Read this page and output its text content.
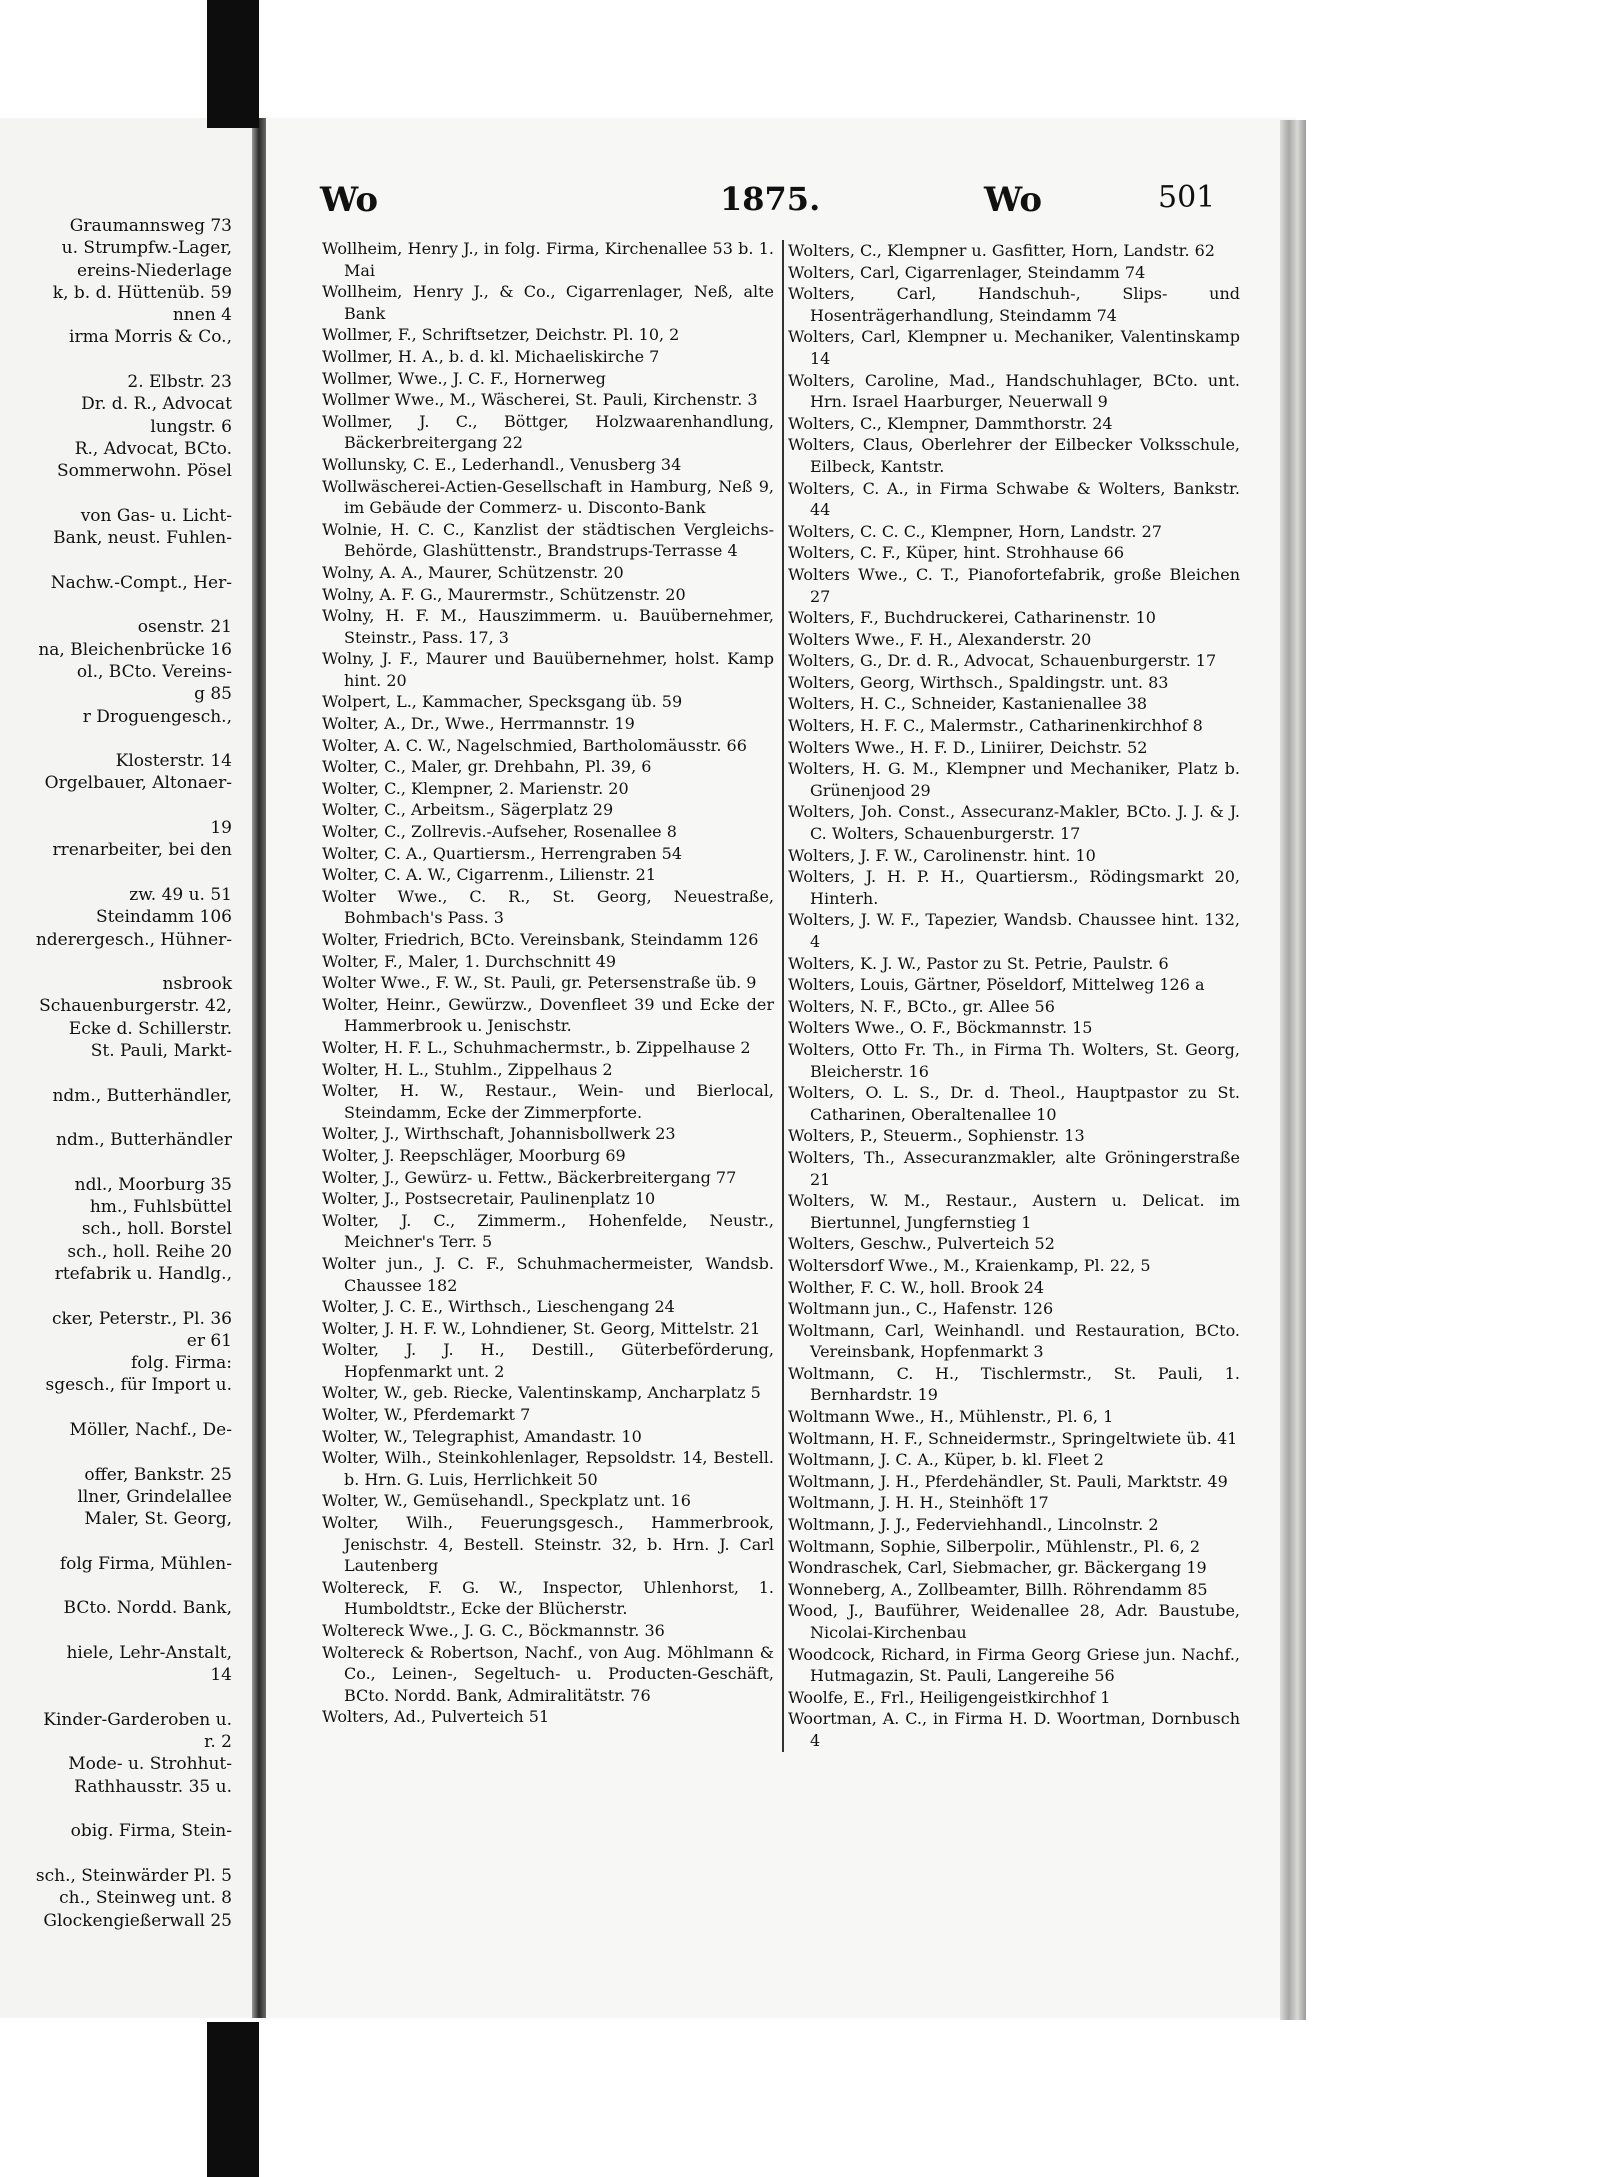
Graumannsweg 73
u. Strumpfw.-Lager,
ereins-Niederlage
k, b. d. Hüttenüb. 59
nnen 4
irma Morris & Co.,
2. Elbstr. 23
Dr. d. R., Advocat
lungstr. 6
R., Advocat, BCto.
Sommerwohn. Pösel
von Gas- u. Licht-
Bank, neust. Fuhlen-
Nachw.-Compt., Her-
osenstr. 21
na, Bleichenbrücke 16
ol., BCto. Vereins-
g 85
r Droguengesch.,
Klosterstr. 14
Orgelbauer, Altonaer-
19
rrenarbeiter, bei den
zw. 49 u. 51
Steindamm 106
nderergesch., Hühner-
nsbrook
Schauenburgerstr. 42,
Ecke d. Schillerstr.
St. Pauli, Markt-
ndm., Butterhändler,
ndm., Butterhändler
ndl., Moorburg 35
hm., Fuhlsbüttel
sch., holl. Borstel
sch., holl. Reihe 20
rtefabrik u. Handlg.,
cker, Peterstr., Pl. 36
er 61
folg. Firma:
sgesch., für Import u.
Möller, Nachf., De-
offer, Bankstr. 25
llner, Grindelallee
Maler, St. Georg,
folg Firma, Mühlen-
BCto. Nordd. Bank,
hiele, Lehr-Anstalt,
14
Kinder-Garderoben u.
r. 2
Mode- u. Strohhut-
Rathhausstr. 35 u.
obig. Firma, Stein-
sch., Steinwärder Pl. 5
ch., Steinweg unt. 8
Glockengießerwall 25
Wo	1875.	Wo	501
Wollheim, Henry J., in folg. Firma, Kirchenallee 53 b. 1. Mai
Wollheim, Henry J., & Co., Cigarrenlager, Neß, alte Bank
Wollmer, F., Schriftsetzer, Deichstr. Pl. 10, 2
Wollmer, H. A., b. d. kl. Michaeliskirche 7
Wollmer, Wwe., J. C. F., Hornerweg
Wollmer Wwe., M., Wäscherei, St. Pauli, Kirchenstr. 3
Wollmer, J. C., Böttger, Holzwaarenhandlung, Bäckerbreitergang 22
Wollunsky, C. E., Lederhandl., Venusberg 34
Wollwäscherei-Actien-Gesellschaft in Hamburg, Neß 9, im Gebäude der Commerz- u. Disconto-Bank
Wolnie, H. C. C., Kanzlist der städtischen Vergleichs-Behörde, Glashüttenstr., Brandstrups-Terrasse 4
Wolny, A. A., Maurer, Schützenstr. 20
Wolny, A. F. G., Maurermstr., Schützenstr. 20
Wolny, H. F. M., Hauszimmerm. u. Bauübernehmer, Steinstr., Pass. 17, 3
Wolny, J. F., Maurer und Bauübernehmer, holst. Kamp hint. 20
Wolpert, L., Kammacher, Specksgang üb. 59
Wolter, A., Dr., Wwe., Herrmannstr. 19
Wolter, A. C. W., Nagelschmied, Bartholomäusstr. 66
Wolter, C., Maler, gr. Drehbahn, Pl. 39, 6
Wolter, C., Klempner, 2. Marienstr. 20
Wolter, C., Arbeitsm., Sägerplatz 29
Wolter, C., Zollrevis.-Aufseher, Rosenallee 8
Wolter, C. A., Quartiersm., Herrengraben 54
Wolter, C. A. W., Cigarrenm., Lilienstr. 21
Wolter Wwe., C. R., St. Georg, Neuestraße, Bohmbach's Pass. 3
Wolter, Friedrich, BCto. Vereinsbank, Steindamm 126
Wolter, F., Maler, 1. Durchschnitt 49
Wolter Wwe., F. W., St. Pauli, gr. Petersenstraße üb. 9
Wolter, Heinr., Gewürzw., Dovenfleet 39 und Ecke der Hammerbrook u. Jenischstr.
Wolter, H. F. L., Schuhmachermstr., b. Zippelhause 2
Wolter, H. L., Stuhlm., Zippelhaus 2
Wolter, H. W., Restaur., Wein- und Bierlocal, Steindamm, Ecke der Zimmerpforte.
Wolter, J., Wirthschaft, Johannisbollwerk 23
Wolter, J. Reepschläger, Moorburg 69
Wolter, J., Gewürz- u. Fettw., Bäckerbreitergang 77
Wolter, J., Postsecretair, Paulinenplatz 10
Wolter, J. C., Zimmerm., Hohenfelde, Neustr., Meichner's Terr. 5
Wolter jun., J. C. F., Schuhmachermeister, Wandsb. Chaussee 182
Wolter, J. C. E., Wirthsch., Lieschengang 24
Wolter, J. H. F. W., Lohndiener, St. Georg, Mittelstr. 21
Wolter, J. J. H., Destill., Güterbeförderung, Hopfenmarkt unt. 2
Wolter, W., geb. Riecke, Valentinskamp, Ancharplatz 5
Wolter, W., Pferdemarkt 7
Wolter, W., Telegraphist, Amandastr. 10
Wolter, Wilh., Steinkohlenlager, Repsoldstr. 14, Bestell. b. Hrn. G. Luis, Herrlichkeit 50
Wolter, W., Gemüsehandl., Speckplatz unt. 16
Wolter, Wilh., Feuerungsgesch., Hammerbrook, Jenischstr. 4, Bestell. Steinstr. 32, b. Hrn. J. Carl Lautenberg
Woltereck, F. G. W., Inspector, Uhlenhorst, 1. Humboldtstr., Ecke der Blücherstr.
Woltereck Wwe., J. G. C., Böckmannstr. 36
Woltereck & Robertson, Nachf., von Aug. Möhlmann & Co., Leinen-, Segeltuch- u. Producten-Geschäft, BCto. Nordd. Bank, Admiralitätstr. 76
Wolters, Ad., Pulverteich 51
Wolters, C., Klempner u. Gasfitter, Horn, Landstr. 62
Wolters, Carl, Cigarrenlager, Steindamm 74
Wolters, Carl, Handschuh-, Slips- und Hosenträgerhandlung, Steindamm 74
Wolters, Carl, Klempner u. Mechaniker, Valentinskamp 14
Wolters, Caroline, Mad., Handschuhlager, BCto. unt. Hrn. Israel Haarburger, Neuerwall 9
Wolters, C., Klempner, Dammthorstr. 24
Wolters, Claus, Oberlehrer der Eilbecker Volksschule, Eilbeck, Kantstr.
Wolters, C. A., in Firma Schwabe & Wolters, Bankstr. 44
Wolters, C. C. C., Klempner, Horn, Landstr. 27
Wolters, C. F., Küper, hint. Strohhause 66
Wolters Wwe., C. T., Pianofortefabrik, große Bleichen 27
Wolters, F., Buchdruckerei, Catharinenstr. 10
Wolters Wwe., F. H., Alexanderstr. 20
Wolters, G., Dr. d. R., Advocat, Schauenburgerstr. 17
Wolters, Georg, Wirthsch., Spaldingstr. unt. 83
Wolters, H. C., Schneider, Kastanienallee 38
Wolters, H. F. C., Malermstr., Catharinenkirchhof 8
Wolters Wwe., H. F. D., Liniirer, Deichstr. 52
Wolters, H. G. M., Klempner und Mechaniker, Platz b. Grünenjood 29
Wolters, Joh. Const., Assecuranz-Makler, BCto. J. J. & J. C. Wolters, Schauenburgerstr. 17
Wolters, J. F. W., Carolinenstr. hint. 10
Wolters, J. H. P. H., Quartiersm., Rödingsmarkt 20, Hinterh.
Wolters, J. W. F., Tapezier, Wandsb. Chaussee hint. 132, 4
Wolters, K. J. W., Pastor zu St. Petrie, Paulstr. 6
Wolters, Louis, Gärtner, Pöseldorf, Mittelweg 126 a
Wolters, N. F., BCto., gr. Allee 56
Wolters Wwe., O. F., Böckmannstr. 15
Wolters, Otto Fr. Th., in Firma Th. Wolters, St. Georg, Bleicherstr. 16
Wolters, O. L. S., Dr. d. Theol., Hauptpastor zu St. Catharinen, Oberaltenallee 10
Wolters, P., Steuerm., Sophienstr. 13
Wolters, Th., Assecuranzmakler, alte Gröningerstraße 21
Wolters, W. M., Restaur., Austern u. Delicat. im Biertunnel, Jungfernstieg 1
Wolters, Geschw., Pulverteich 52
Woltersdorf Wwe., M., Kraienkamp, Pl. 22, 5
Wolther, F. C. W., holl. Brook 24
Woltmann jun., C., Hafenstr. 126
Woltmann, Carl, Weinhandl. und Restauration, BCto. Vereinsbank, Hopfenmarkt 3
Woltmann, C. H., Tischlermstr., St. Pauli, 1. Bernhardstr. 19
Woltmann Wwe., H., Mühlenstr., Pl. 6, 1
Woltmann, H. F., Schneidermstr., Springeltwiete üb. 41
Woltmann, J. C. A., Küper, b. kl. Fleet 2
Woltmann, J. H., Pferdehändler, St. Pauli, Marktstr. 49
Woltmann, J. H. H., Steinhöft 17
Woltmann, J. J., Federviehhandl., Lincolnstr. 2
Woltmann, Sophie, Silberpolir., Mühlenstr., Pl. 6, 2
Wondraschek, Carl, Siebmacher, gr. Bäckergang 19
Wonneberg, A., Zollbeamter, Billh. Röhrendamm 85
Wood, J., Bauführer, Weidenallee 28, Adr. Baustube, Nicolai-Kirchenbau
Woodcock, Richard, in Firma Georg Griese jun. Nachf., Hutmagazin, St. Pauli, Langereihe 56
Woolfe, E., Frl., Heiligengeistkirchhof 1
Woortman, A. C., in Firma H. D. Woortman, Dornbusch 4
